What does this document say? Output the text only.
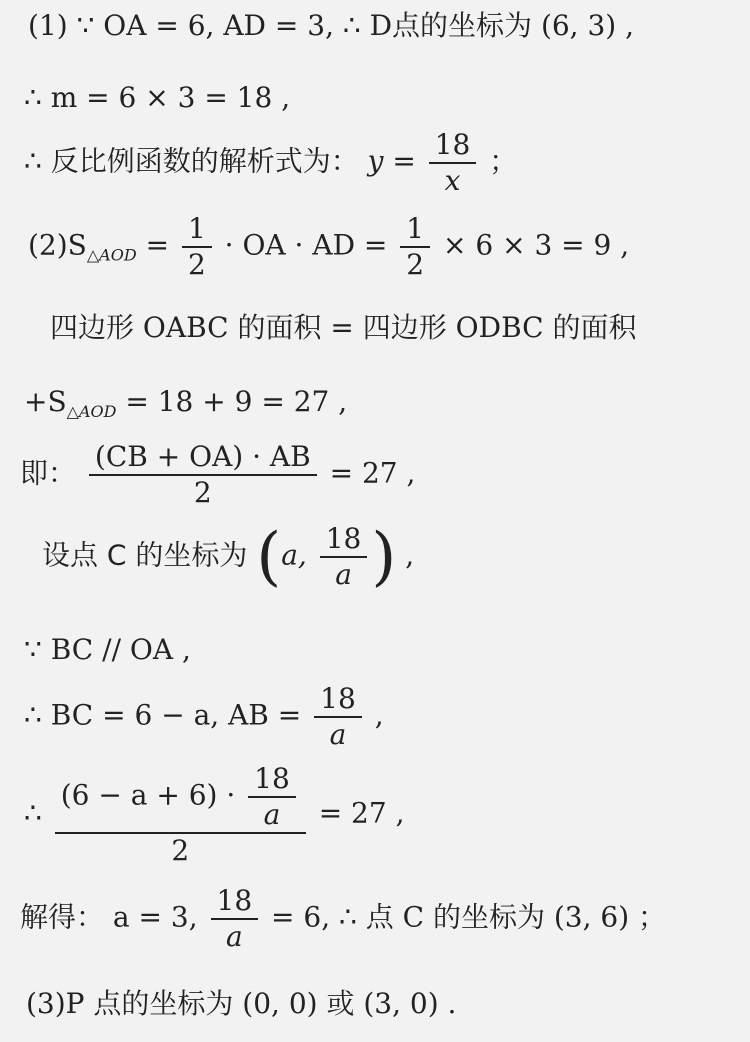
(1) ∵ OA = 6, AD = 3, ∴ D点的坐标为 (6, 3) ,
∴ m = 6 × 3 = 18 ,
∴ 反比例函数的解析式为： $y = \frac{18}{x}$ ；
$(2)S_{\triangle AOD} = \frac{1}{2}$ · OA · AD = $\frac{1}{2} \times 6 \times 3 = 9$ ,
四边形 OABC 的面积 = 四边形 ODBC 的面积
$+S_{\triangle AOD} = 18 + 9 = 27$ ,
即： $\frac{(CB + OA) \cdot AB}{2} = 27$ ,
设点 C 的坐标为 (a, $\frac{18}{a}$ ) ,
∵ BC // OA ,
∴ BC = 6 − a, AB = $\frac{18}{a}$ ,
∴ $\frac{(6 - a + 6) \cdot \frac{18}{a}}{2} = 27$ ,
解得： a = 3, $\frac{18}{a} = 6$, ∴ 点 C 的坐标为 (3, 6) ；
(3)P 点的坐标为 (0, 0) 或 (3, 0) .
